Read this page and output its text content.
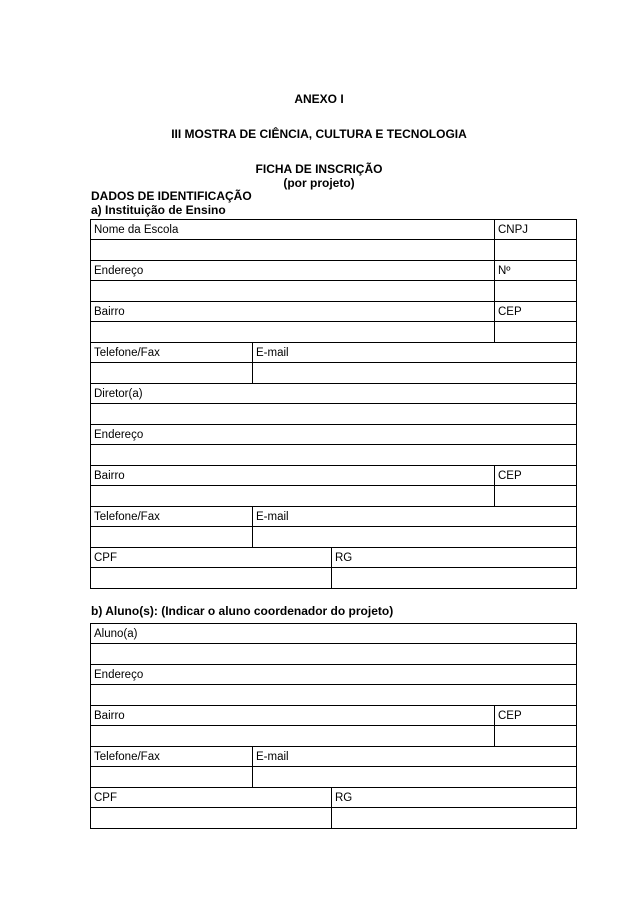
ANEXO I

III MOSTRA DE CIÊNCIA, CULTURA E TECNOLOGIA

FICHA DE INSCRIÇÃO

(por projeto)

DADOS DE IDENTIFICAÇÃO

a) Instituição de Ensino

Nome da Escola			CNPJ

Endereço			Nº

Bairro			CEP

Telefone/Fax	E-mail		

Diretor(a)			

Endereço			

Bairro			CEP

Telefone/Fax	E-mail		

CPF		RG	

b) Aluno(s): (Indicar o aluno coordenador do projeto)

Aluno(a)			

Endereço			

Bairro			CEP

Telefone/Fax	E-mail		

CPF		RG	
